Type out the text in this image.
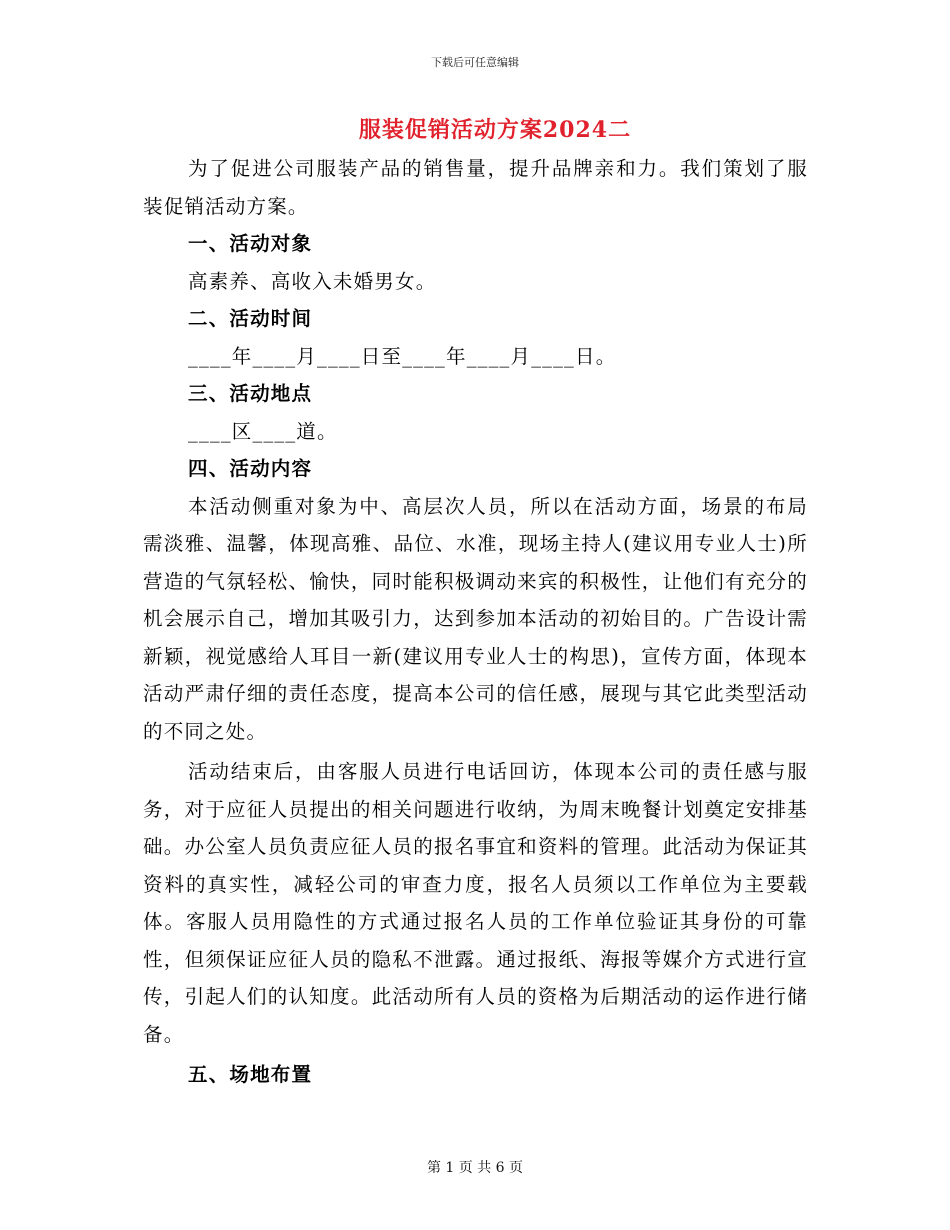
下载后可任意编辑
服装促销活动方案2024二

为了促进公司服装产品的销售量，提升品牌亲和力。我们策划了服装促销活动方案。

一、活动对象

高素养、高收入未婚男女。

二、活动时间

____年____月____日至____年____月____日。

三、活动地点

____区____道。

四、活动内容

本活动侧重对象为中、高层次人员，所以在活动方面，场景的布局需淡雅、温馨，体现高雅、品位、水准，现场主持人(建议用专业人士)所营造的气氛轻松、愉快，同时能积极调动来宾的积极性，让他们有充分的机会展示自己，增加其吸引力，达到参加本活动的初始目的。广告设计需新颖，视觉感给人耳目一新(建议用专业人士的构思)，宣传方面，体现本活动严肃仔细的责任态度，提高本公司的信任感，展现与其它此类型活动的不同之处。

活动结束后，由客服人员进行电话回访，体现本公司的责任感与服务，对于应征人员提出的相关问题进行收纳，为周末晚餐计划奠定安排基础。办公室人员负责应征人员的报名事宜和资料的管理。此活动为保证其资料的真实性，减轻公司的审查力度，报名人员须以工作单位为主要载体。客服人员用隐性的方式通过报名人员的工作单位验证其身份的可靠性，但须保证应征人员的隐私不泄露。通过报纸、海报等媒介方式进行宣传，引起人们的认知度。此活动所有人员的资格为后期活动的运作进行储备。

五、场地布置

第 1 页 共 6 页
